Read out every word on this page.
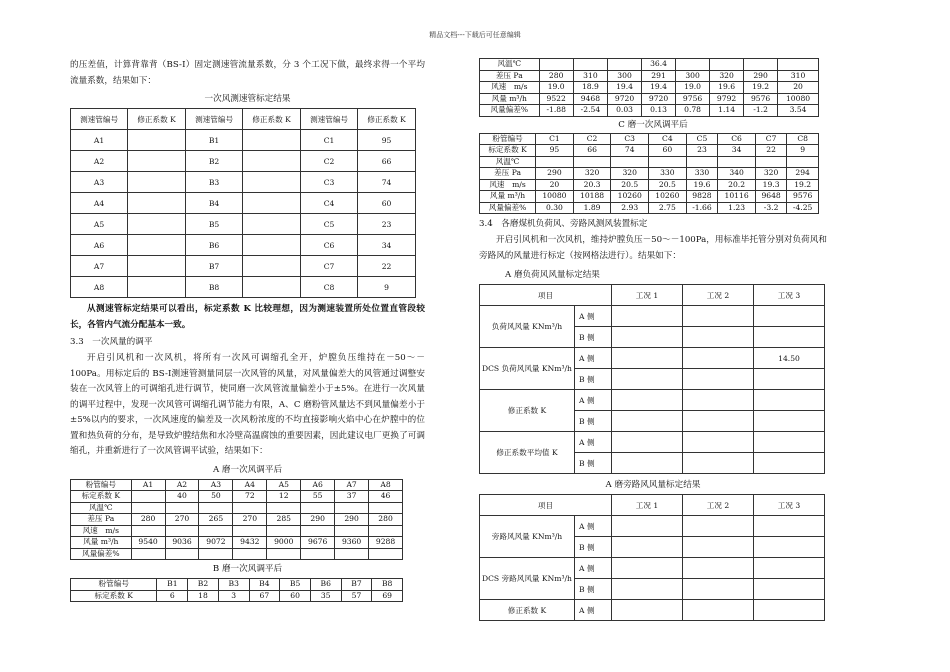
精品文档---下载后可任意编辑

的压差值，计算背靠背（BS-Ⅰ）固定测速管流量系数，分 3 个工况下做，最终求得一个平均流量系数，结果如下：

一次风测速管标定结果
测速管编号	修正系数 K	测速管编号	修正系数 K	测速管编号	修正系数 K
A1		B1		C1	95
A2		B2		C2	66
A3		B3		C3	74
A4		B4		C4	60
A5		B5		C5	23
A6		B6		C6	34
A7		B7		C7	22
A8		B8		C8	9

从测速管标定结果可以看出，标定系数 K 比较理想，因为测速装置所处位置直管段较长，各管内气流分配基本一致。

3.3　一次风量的调平

开启引风机和一次风机，将所有一次风可调缩孔全开，炉膛负压维持在－50～－100Pa。用标定后的 BS-Ⅰ测速管测量同层一次风管的风量，对风量偏差大的风管通过调整安装在一次风管上的可调缩孔进行调节，使同磨一次风管流量偏差小于±5%。在进行一次风量的调平过程中，发现一次风管可调缩孔调节能力有限，A、C 磨粉管风量达不到风量偏差小于±5%以内的要求，一次风速度的偏差及一次风粉浓度的不均直接影响火焰中心在炉膛中的位置和热负荷的分布，是导致炉膛结焦和水冷壁高温腐蚀的重要因素，因此建议电厂更换了可调缩孔，并重新进行了一次风管调平试验，结果如下：

A 磨一次风调平后
粉管编号	A1	A2	A3	A4	A5	A6	A7	A8
标定系数 K		40	50	72	12	55	37	46
风温℃								
差压 Pa	280	270	265	270	285	290	290	280
风速　m/s								
风量 m³/h	9540	9036	9072	9432	9000	9676	9360	9288
风量偏差%								
B 磨一次风调平后
粉管编号	B1	B2	B3	B4	B5	B6	B7	B8
标定系数 K	6	18	3	67	60	35	57	69
风温℃				36.4				
差压 Pa	280	310	300	291	300	320	290	310
风速　m/s	19.0	18.9	19.4	19.4	19.0	19.6	19.2	20
风量 m³/h	9522	9468	9720	9720	9756	9792	9576	10080
风量偏差%	-1.88	-2.54	0.03	0.13	0.78	1.14	-1.2	3.54
C 磨一次风调平后
粉管编号	C1	C2	C3	C4	C5	C6	C7	C8
标定系数 K	95	66	74	60	23	34	22	9
风温℃								
差压 Pa	290	320	320	330	330	340	320	294
风速　m/s	20	20.3	20.5	20.5	19.6	20.2	19.3	19.2
风量 m³/h	10080	10188	10260	10260	9828	10116	9648	9576
风量偏差%	0.30	1.89	2.93	2.75	-1.66	1.23	-3.2	-4.25
3.4　各磨煤机负荷风、旁路风测风装置标定

开启引风机和一次风机，维持炉膛负压－50～－100Pa，用标准毕托管分别对负荷风和旁路风的风量进行标定（按网格法进行）。结果如下：

A 磨负荷风风量标定结果
项目		工况 1	工况 2	工况 3
负荷风风量 KNm³/h	A 侧			
	B 侧			
DCS 负荷风风量 KNm³/h	A 侧			14.50
	B 侧			
修正系数 K	A 侧			
	B 侧			
修正系数平均值 K	A 侧			
	B 侧			
A 磨旁路风风量标定结果
项目		工况 1	工况 2	工况 3
旁路风风量 KNm³/h	A 侧			
	B 侧			
DCS 旁路风风量 KNm³/h	A 侧			
	B 侧			
修正系数 K	A 侧			
